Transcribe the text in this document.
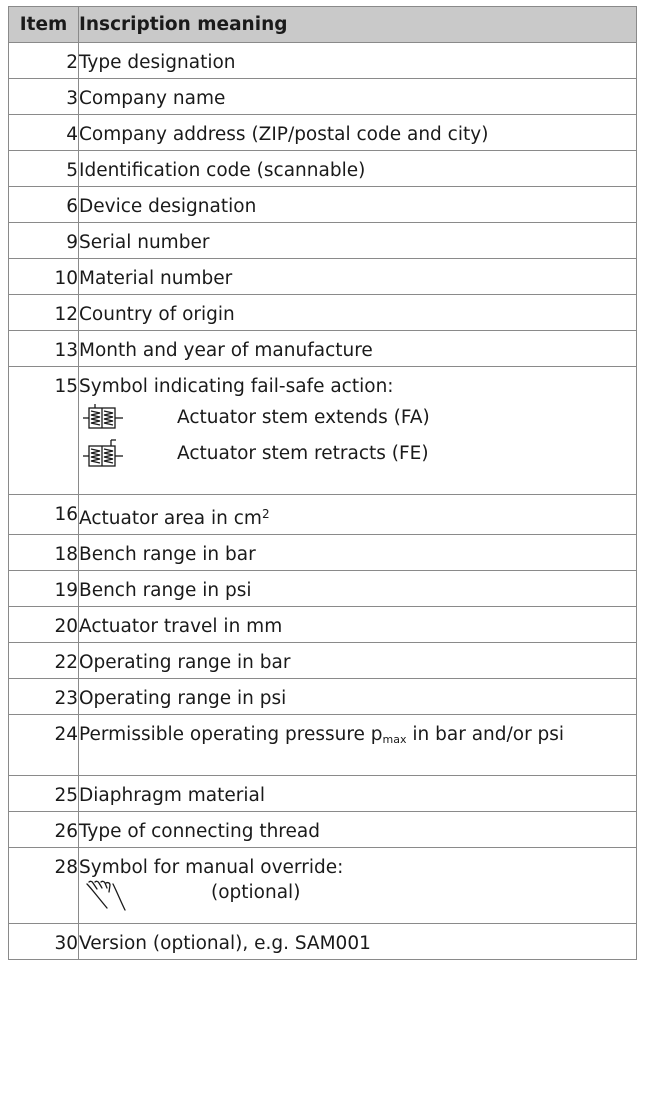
Item	Inscription meaning
2	Type designation
3	Company name
4	Company address (ZIP/postal code and city)
5	Identification code (scannable)
6	Device designation
9	Serial number
10	Material number
12	Country of origin
13	Month and year of manufacture
15	Symbol indicating fail-safe action:
Actuator stem extends (FA)
Actuator stem retracts (FE)

16	Actuator area in $cm^2$
18	Bench range in bar
19	Bench range in psi
20	Actuator travel in mm
22	Operating range in bar
23	Operating range in psi
24	Permissible operating pressure $p_{max}$ in bar and/or psi
25	Diaphragm material
26	Type of connecting thread
28	Symbol for manual override:
(optional)

30	Version (optional), e.g. SAM001
